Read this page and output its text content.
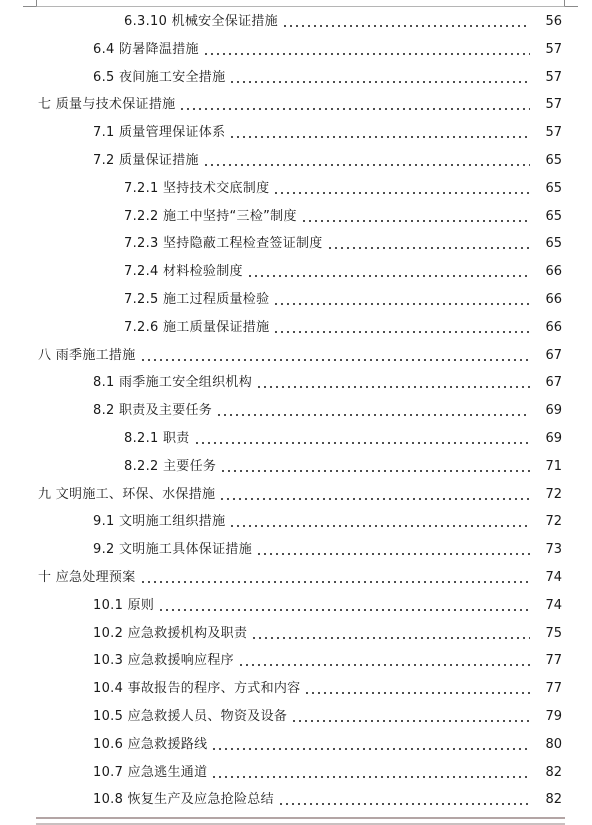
6.3.10 机械安全保证措施	56
6.4 防暑降温措施	57
6.5 夜间施工安全措施	57
七 质量与技术保证措施	57
7.1 质量管理保证体系	57
7.2 质量保证措施	65
7.2.1 坚持技术交底制度	65
7.2.2 施工中坚持“三检”制度	65
7.2.3 坚持隐蔽工程检查签证制度	65
7.2.4 材料检验制度	66
7.2.5 施工过程质量检验	66
7.2.6 施工质量保证措施	66
八 雨季施工措施	67
8.1 雨季施工安全组织机构	67
8.2 职责及主要任务	69
8.2.1 职责	69
8.2.2 主要任务	71
九 文明施工、环保、水保措施	72
9.1 文明施工组织措施	72
9.2 文明施工具体保证措施	73
十 应急处理预案	74
10.1 原则	74
10.2 应急救援机构及职责	75
10.3 应急救援响应程序	77
10.4 事故报告的程序、方式和内容	77
10.5 应急救援人员、物资及设备	79
10.6 应急救援路线	80
10.7 应急逃生通道	82
10.8 恢复生产及应急抢险总结	82
